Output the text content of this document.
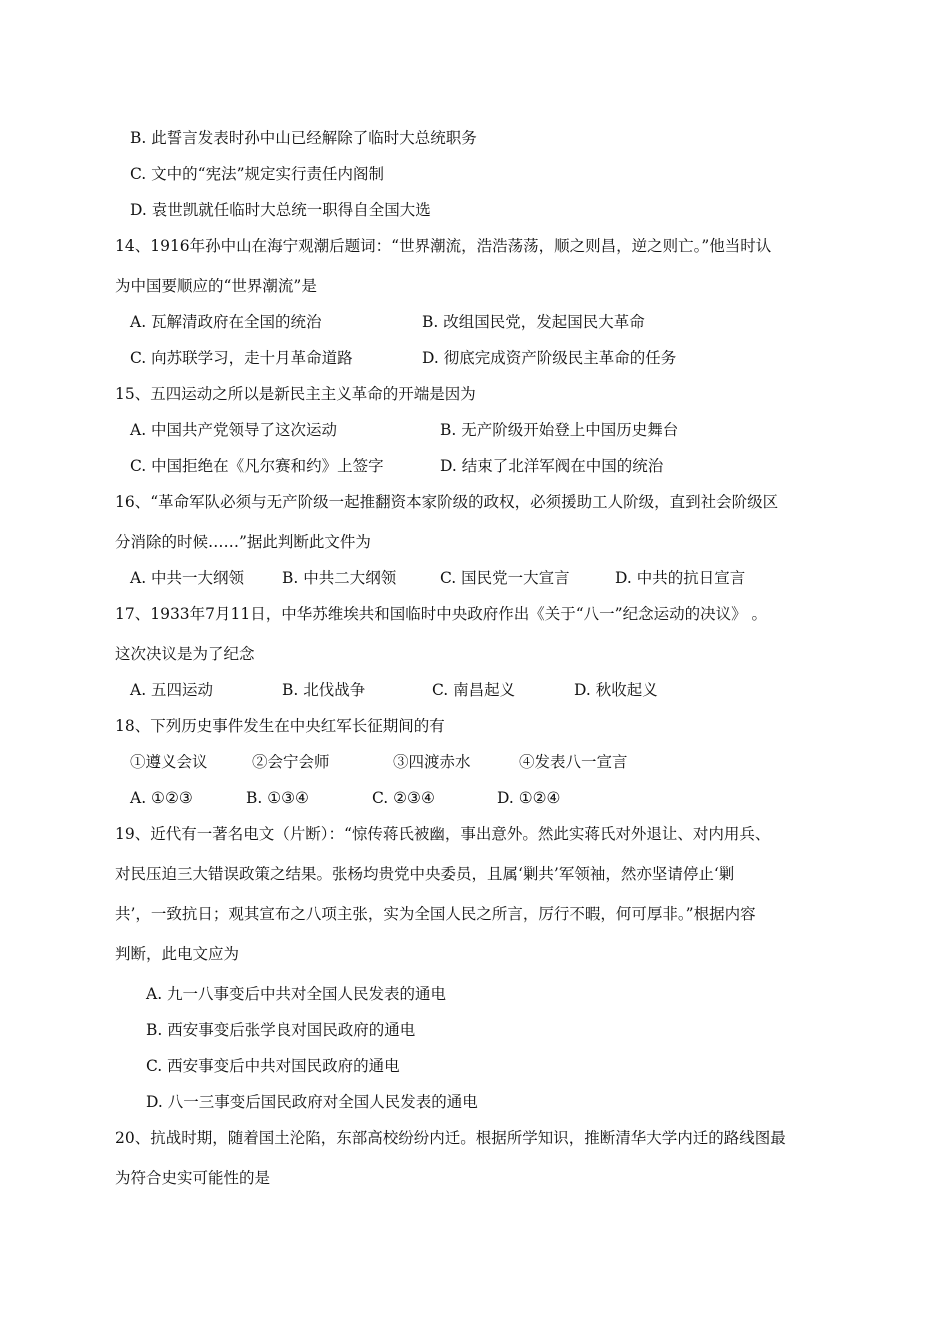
B. 此誓言发表时孙中山已经解除了临时大总统职务
C. 文中的“宪法”规定实行责任内阁制
D. 袁世凯就任临时大总统一职得自全国大选
14、1916年孙中山在海宁观潮后题词：“世界潮流，浩浩荡荡，顺之则昌，逆之则亡。”他当时认
为中国要顺应的“世界潮流”是
A. 瓦解清政府在全国的统治	B. 改组国民党，发起国民大革命
C. 向苏联学习，走十月革命道路	D. 彻底完成资产阶级民主革命的任务
15、五四运动之所以是新民主主义革命的开端是因为
A. 中国共产党领导了这次运动	B. 无产阶级开始登上中国历史舞台
C. 中国拒绝在《凡尔赛和约》上签字	D. 结束了北洋军阀在中国的统治
16、“革命军队必须与无产阶级一起推翻资本家阶级的政权，必须援助工人阶级，直到社会阶级区
分消除的时候……”据此判断此文件为
A. 中共一大纲领 B. 中共二大纲领	C. 国民党一大宣言	D. 中共的抗日宣言
17、1933年7月11日，中华苏维埃共和国临时中央政府作出《关于“八一”纪念运动的决议》 。
这次决议是为了纪念
A. 五四运动	B. 北伐战争	C. 南昌起义	D. 秋收起义
18、下列历史事件发生在中央红军长征期间的有
①遵义会议	②会宁会师	③四渡赤水	④发表八一宣言
A. ①②③	B. ①③④	C. ②③④	D. ①②④
19、近代有一著名电文（片断）：“惊传蒋氏被幽，事出意外。然此实蒋氏对外退让、对内用兵、
对民压迫三大错误政策之结果。张杨均贵党中央委员，且属‘剿共’军领袖，然亦坚请停止‘剿
共’，一致抗日；观其宣布之八项主张，实为全国人民之所言，厉行不暇，何可厚非。”根据内容
判断，此电文应为
A. 九一八事变后中共对全国人民发表的通电
B. 西安事变后张学良对国民政府的通电
C. 西安事变后中共对国民政府的通电
D. 八一三事变后国民政府对全国人民发表的通电
20、抗战时期，随着国土沦陷，东部高校纷纷内迁。根据所学知识，推断清华大学内迁的路线图最
为符合史实可能性的是
